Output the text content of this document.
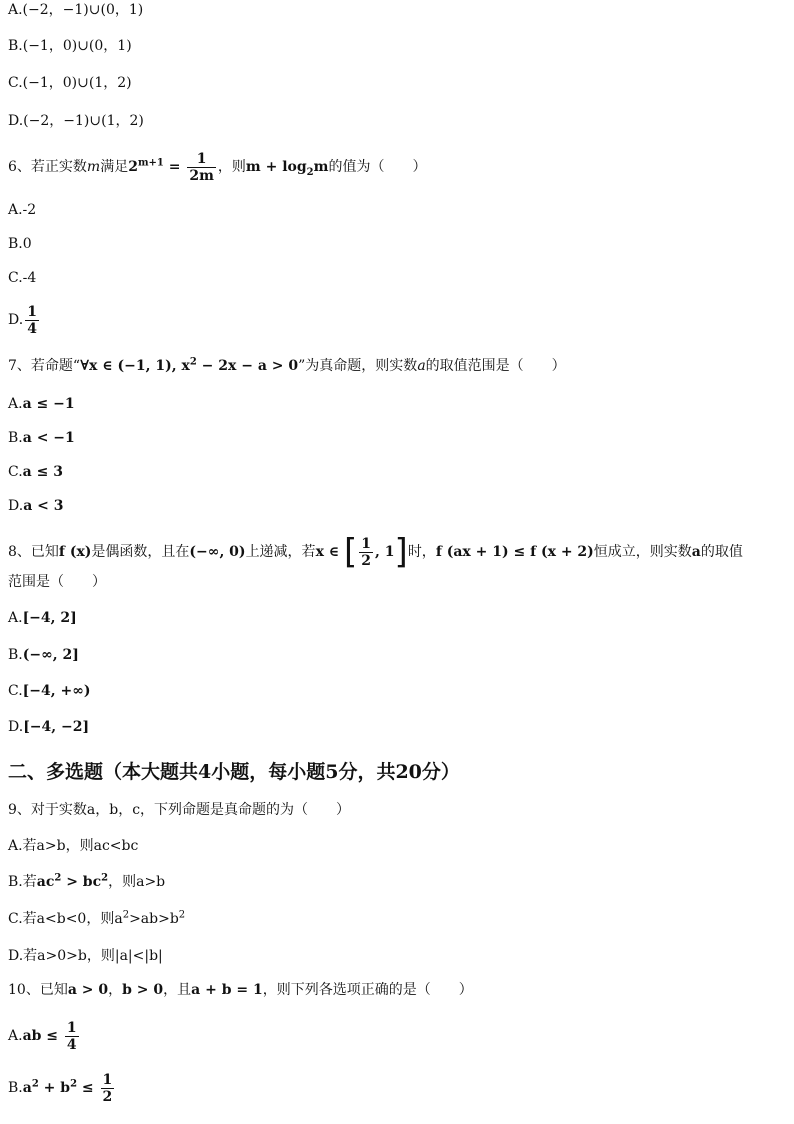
A.(−2，−1)∪(0，1)
B.(−1，0)∪(0，1)
C.(−1，0)∪(1，2)
D.(−2，−1)∪(1，2)
6、若正实数m满足$2^{m+1} = \frac{1}{2m}$ ，则$m + \log_2m$的值为（　　）
A.-2
B.0
C.-4
D. $\frac{1}{4}$
7、若命题“∀x ∈ (−1, 1), $x^2 - 2x - a > 0$”为真命题，则实数a的取值范围是（　　）
A.a ≤ −1
B.a < −1
C.a ≤ 3
D.a < 3
8、已知f (x)是偶函数，且在(−∞, 0)上递减，若x ∈ [ $\frac{1}{2}$ , 1]时，f (ax + 1) ≤ f (x + 2)恒成立，则实数a的取值
范围是（　　）
A.[−4, 2]
B.(−∞, 2]
C.[−4, +∞)
D.[−4, −2]
二、多选题（本大题共4小题，每小题5分，共20分）
9、对于实数a，b，c，下列命题是真命题的为（　　）
A.若a>b，则ac<bc
B.若$ac^2 > bc^2$，则a>b
C.若a<b<0，则$a^2>ab>b^2$
D.若a>0>b，则|a|<|b|
10、已知a > 0，b > 0，且a + b = 1，则下列各选项正确的是（　　）
$A.ab \le \frac{1}{4}$
$B.a^2 + b^2 \le \frac{1}{2}$
